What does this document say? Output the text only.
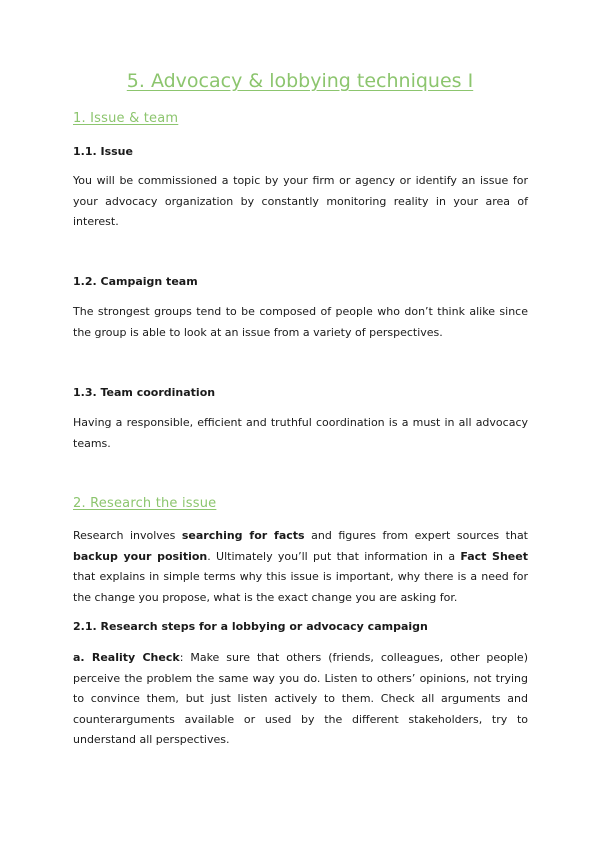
5. Advocacy & lobbying techniques I
1. Issue & team
1.1. Issue

You will be commissioned a topic by your firm or agency or identify an issue for your advocacy organization by constantly monitoring reality in your area of interest.

1.2. Campaign team

The strongest groups tend to be composed of people who don’t think alike since the group is able to look at an issue from a variety of perspectives.

1.3. Team coordination

Having a responsible, efficient and truthful coordination is a must in all advocacy teams.

2. Research the issue

Research involves searching for facts and figures from expert sources that backup your position. Ultimately you’ll put that information in a Fact Sheet that explains in simple terms why this issue is important, why there is a need for the change you propose, what is the exact change you are asking for.

2.1. Research steps for a lobbying or advocacy campaign

a. Reality Check: Make sure that others (friends, colleagues, other people) perceive the problem the same way you do. Listen to others’ opinions, not trying to convince them, but just listen actively to them. Check all arguments and counterarguments available or used by the different stakeholders, try to understand all perspectives.
